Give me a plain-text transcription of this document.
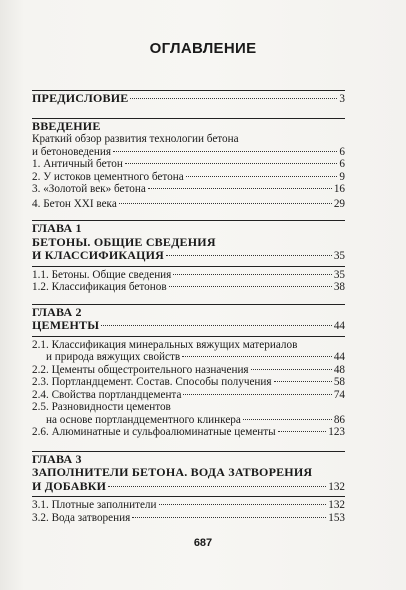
ОГЛАВЛЕНИЕ
ПРЕДИСЛОВИЕ	3
ВВЕДЕНИЕ
Краткий обзор развития технологии бетона
и бетоноведения	6
1. Античный бетон	6
2. У истоков цементного бетона	9
3. «Золотой век» бетона	16
4. Бетон XXI века	29
ГЛАВА 1
БЕТОНЫ. ОБЩИЕ СВЕДЕНИЯ
И КЛАССИФИКАЦИЯ	35
1.1. Бетоны. Общие сведения	35
1.2. Классификация бетонов	38
ГЛАВА 2
ЦЕМЕНТЫ	44
2.1. Классификация минеральных вяжущих материалов
и природа вяжущих свойств	44
2.2. Цементы общестроительного назначения	48
2.3. Портландцемент. Состав. Способы получения	58
2.4. Свойства портландцемента	74
2.5. Разновидности цементов
на основе портландцементного клинкера	86
2.6. Алюминатные и сульфоалюминатные цементы	123
ГЛАВА 3
ЗАПОЛНИТЕЛИ БЕТОНА. ВОДА ЗАТВОРЕНИЯ
И ДОБАВКИ	132
3.1. Плотные заполнители	132
3.2. Вода затворения	153
687
